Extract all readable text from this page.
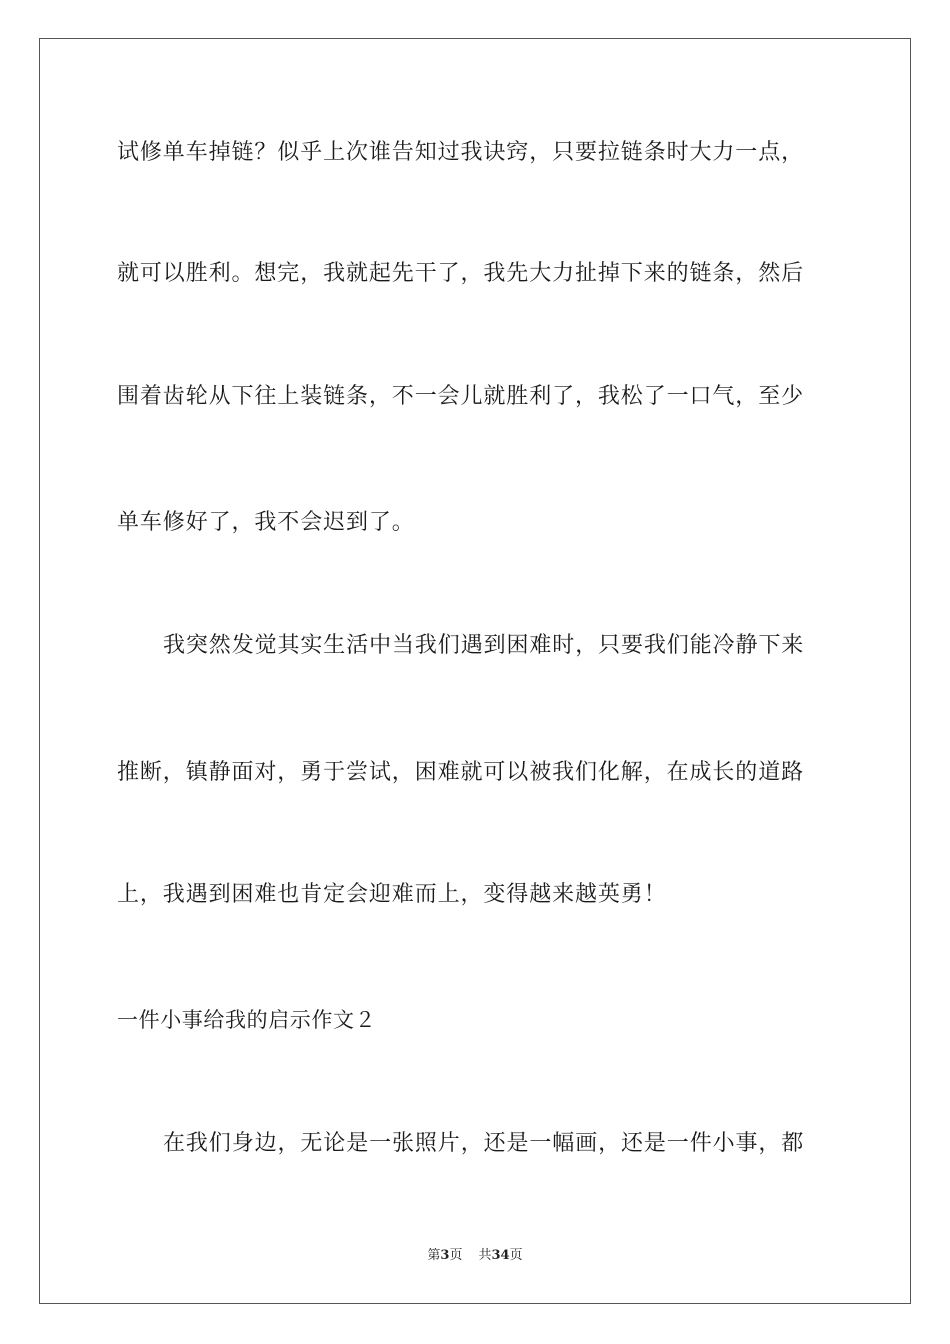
试修单车掉链？似乎上次谁告知过我诀窍，只要拉链条时大力一点，
就可以胜利。想完，我就起先干了，我先大力扯掉下来的链条，然后
围着齿轮从下往上装链条，不一会儿就胜利了，我松了一口气，至少
单车修好了，我不会迟到了。
我突然发觉其实生活中当我们遇到困难时，只要我们能冷静下来
推断，镇静面对，勇于尝试，困难就可以被我们化解，在成长的道路
上，我遇到困难也肯定会迎难而上，变得越来越英勇！
一件小事给我的启示作文２
在我们身边，无论是一张照片，还是一幅画，还是一件小事，都
第3页 共34页
